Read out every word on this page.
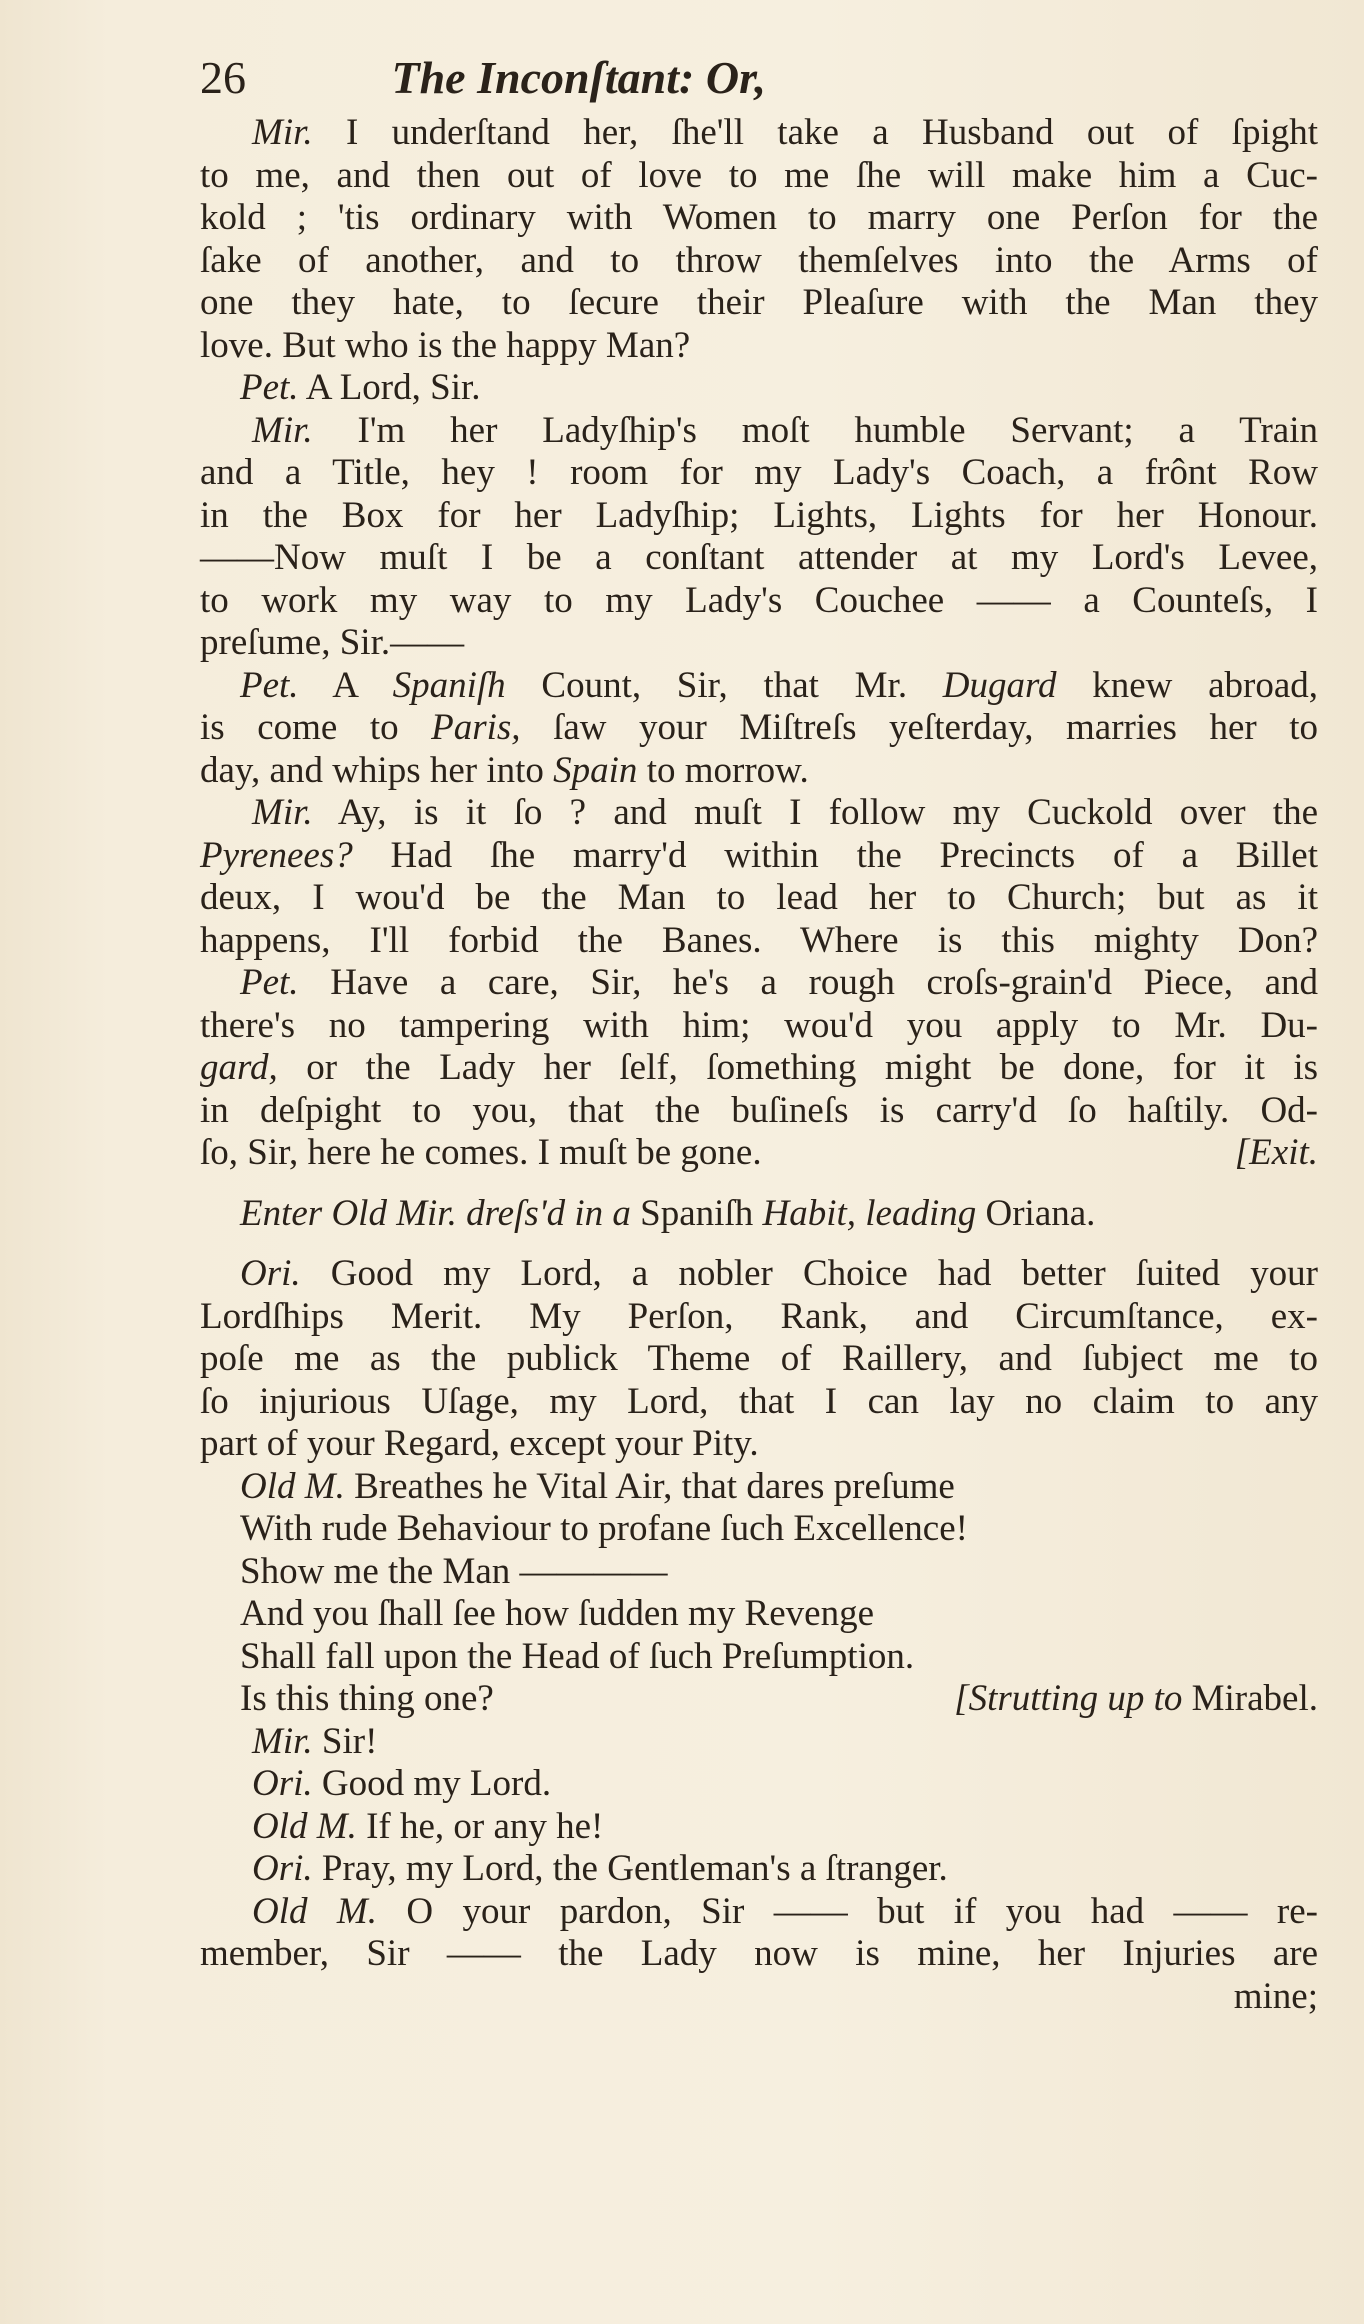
26	The Inconſtant: Or,
Mir. I underſtand her, ſhe'll take a Husband out of ſpight
to me, and then out of love to me ſhe will make him a Cuc-
kold ; 'tis ordinary with Women to marry one Perſon for the
ſake of another, and to throw themſelves into the Arms of
one they hate, to ſecure their Pleaſure with the Man they
love. But who is the happy Man?
Pet. A Lord, Sir.
Mir. I'm her Ladyſhip's moſt humble Servant; a Train
and a Title, hey ! room for my Lady's Coach, a frônt Row
in the Box for her Ladyſhip; Lights, Lights for her Honour.
——Now muſt I be a conſtant attender at my Lord's Levee,
to work my way to my Lady's Couchee —— a Counteſs, I
preſume, Sir.——
Pet. A Spaniſh Count, Sir, that Mr. Dugard knew abroad,
is come to Paris, ſaw your Miſtreſs yeſterday, marries her to
day, and whips her into Spain to morrow.
Mir. Ay, is it ſo ? and muſt I follow my Cuckold over the
Pyrenees? Had ſhe marry'd within the Precincts of a Billet
deux, I wou'd be the Man to lead her to Church; but as it
happens, I'll forbid the Banes. Where is this mighty Don?
Pet. Have a care, Sir, he's a rough croſs-grain'd Piece, and
there's no tampering with him; wou'd you apply to Mr. Du-
gard, or the Lady her ſelf, ſomething might be done, for it is
in deſpight to you, that the buſineſs is carry'd ſo haſtily. Od-
ſo, Sir, here he comes. I muſt be gone.	[Exit.
Enter Old Mir. dreſs'd in a Spaniſh Habit, leading Oriana.
Ori. Good my Lord, a nobler Choice had better ſuited your
Lordſhips Merit. My Perſon, Rank, and Circumſtance, ex-
poſe me as the publick Theme of Raillery, and ſubject me to
ſo injurious Uſage, my Lord, that I can lay no claim to any
part of your Regard, except your Pity.
Old M. Breathes he Vital Air, that dares preſume
With rude Behaviour to profane ſuch Excellence!
Show me the Man ————
And you ſhall ſee how ſudden my Revenge
Shall fall upon the Head of ſuch Preſumption.
Is this thing one?	[Strutting up to Mirabel.
Mir. Sir!
Ori. Good my Lord.
Old M. If he, or any he!
Ori. Pray, my Lord, the Gentleman's a ſtranger.
Old M. O your pardon, Sir —— but if you had —— re-
member, Sir —— the Lady now is mine, her Injuries are
mine;
